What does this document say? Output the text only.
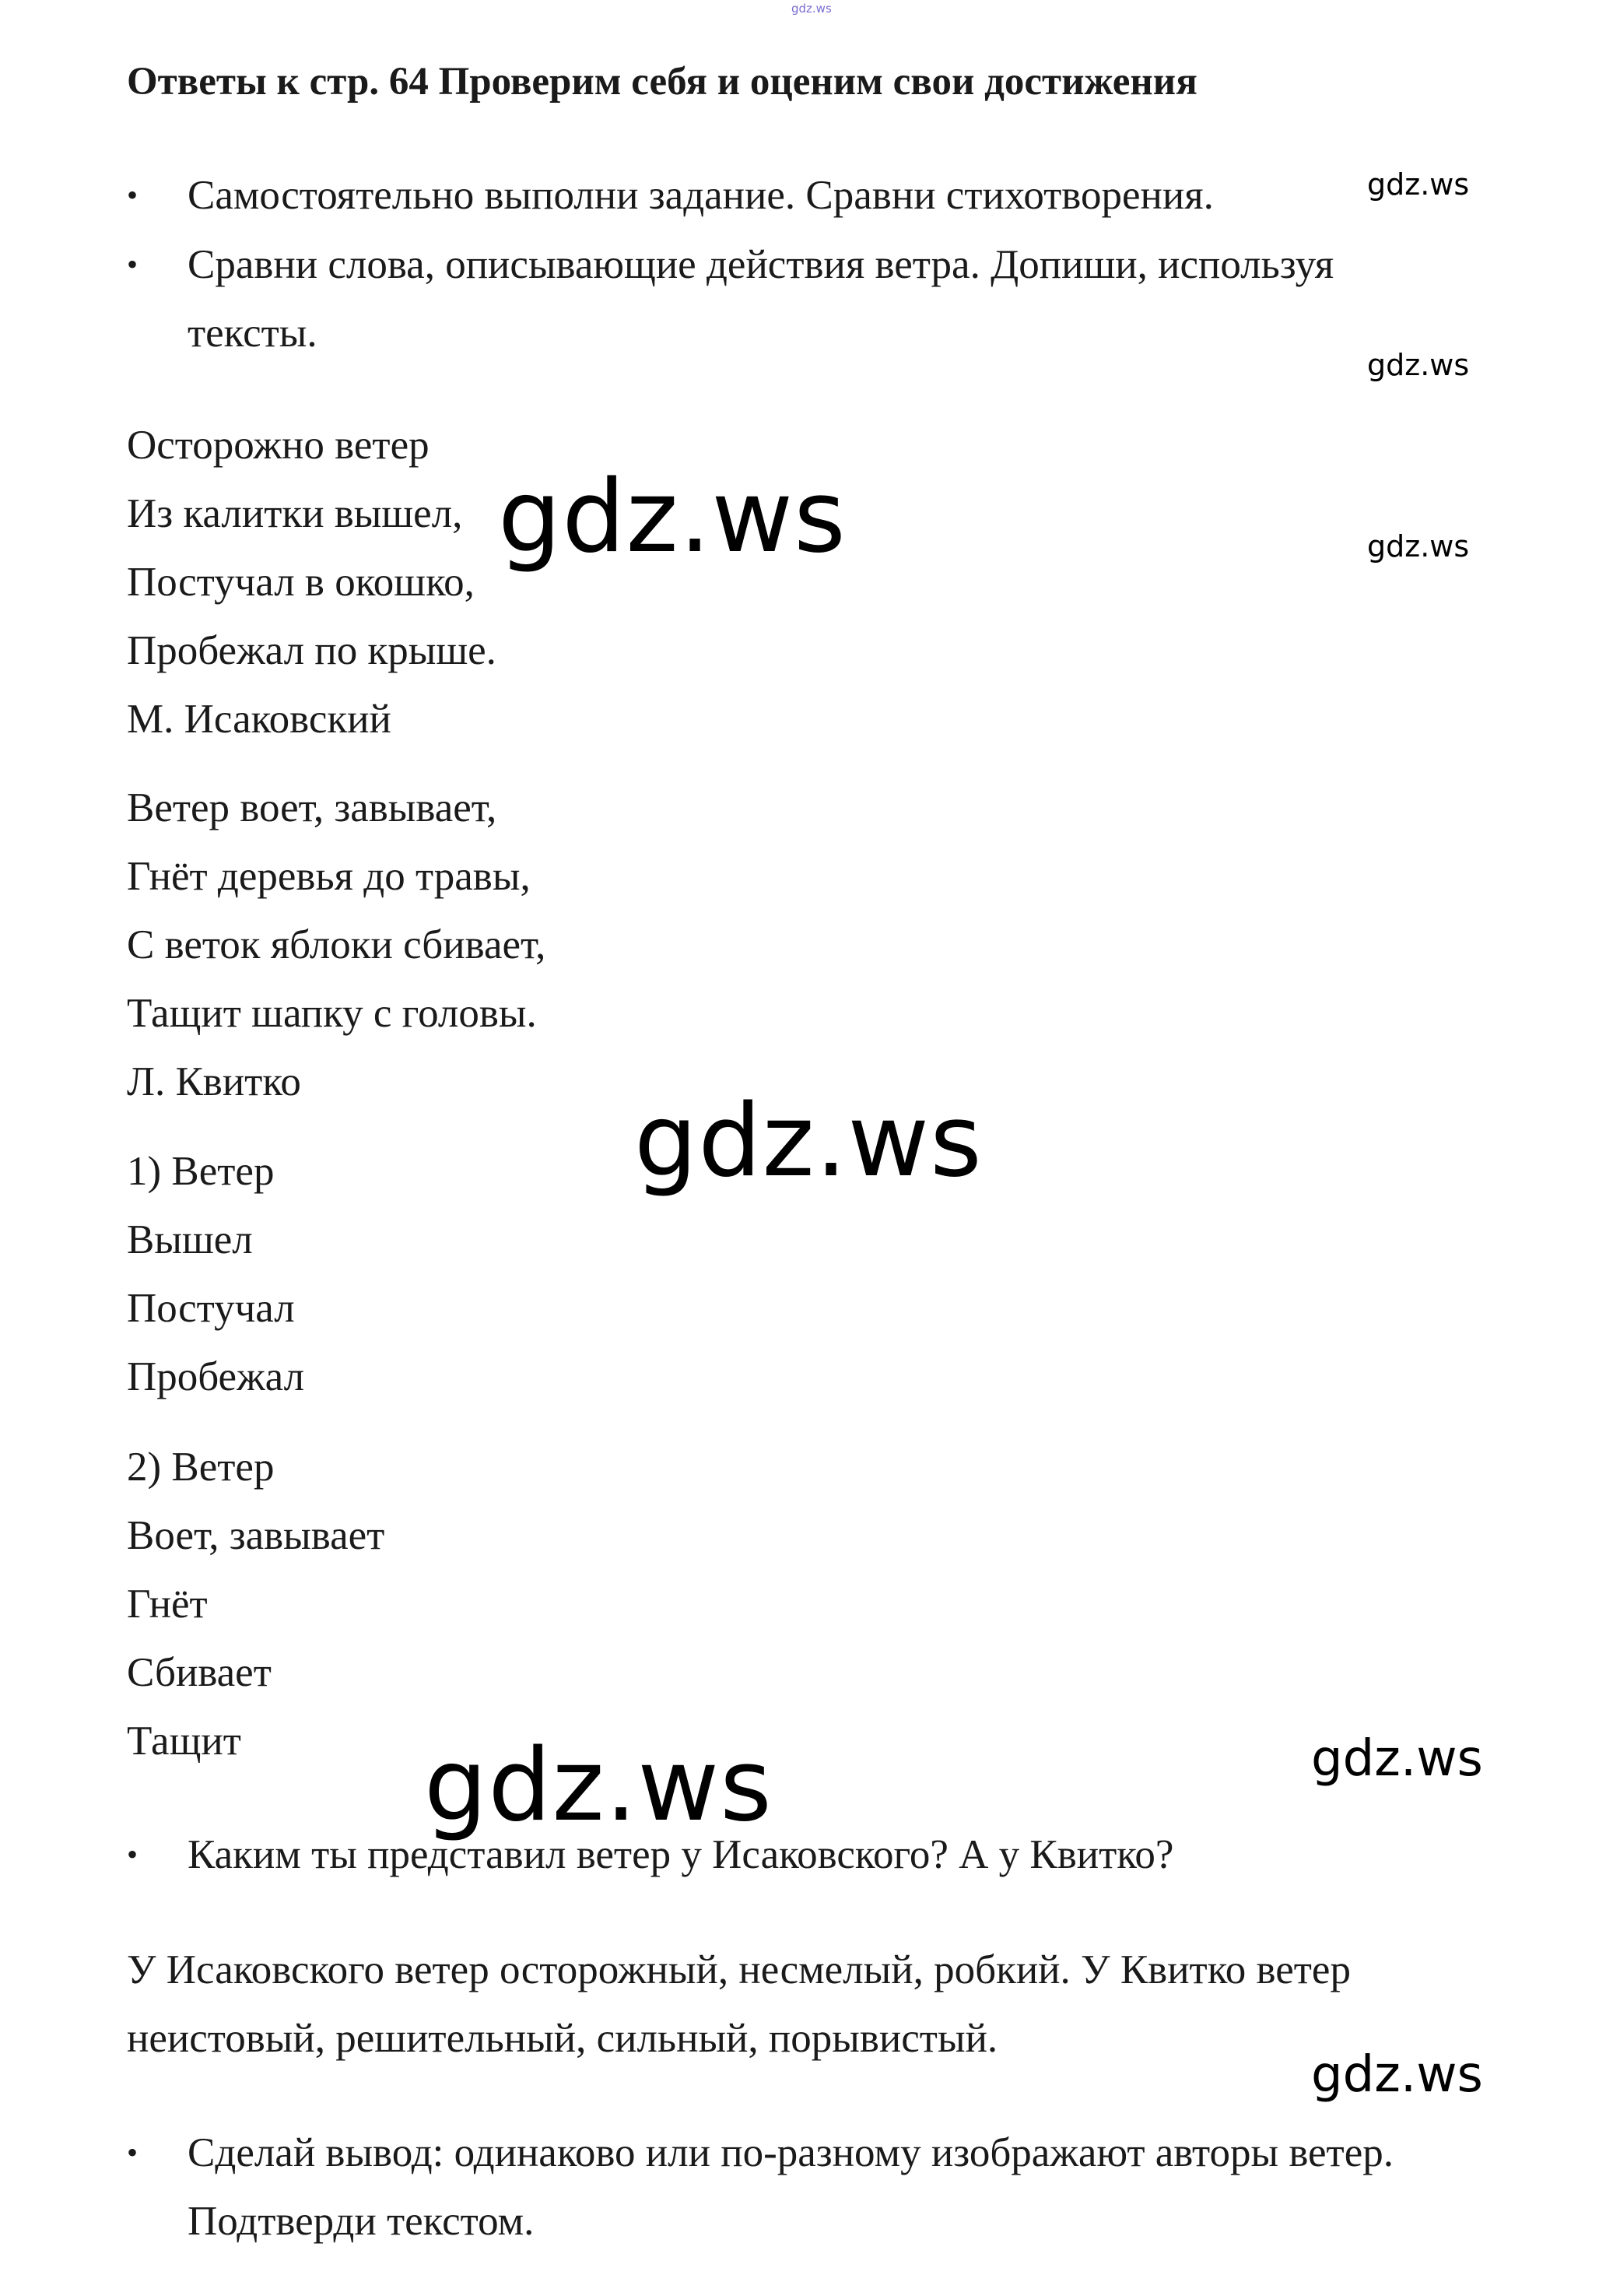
gdz.ws
Ответы к стр. 64 Проверим себя и оценим свои достижения
• Самостоятельно выполни задание. Сравни стихотворения.
• Сравни слова, описывающие действия ветра. Допиши, используя тексты.
gdz.ws
gdz.ws
gdz.ws
Осторожно ветер
Из калитки вышел,
Постучал в окошко,
Пробежал по крыше.
М. Исаковский
gdz.ws
Ветер воет, завывает,
Гнёт деревья до травы,
С веток яблоки сбивает,
Тащит шапку с головы.
Л. Квитко
gdz.ws
1) Ветер
Вышел
Постучал
Пробежал
2) Ветер
Воет, завывает
Гнёт
Сбивает
Тащит gdz.ws	gdz.ws
• Каким ты представил ветер у Исаковского? А у Квитко?
У Исаковского ветер осторожный, несмелый, робкий. У Квитко ветер неистовый, решительный, сильный, порывистый.
gdz.ws
• Сделай вывод: одинаково или по-разному изображают авторы ветер. Подтверди текстом.
